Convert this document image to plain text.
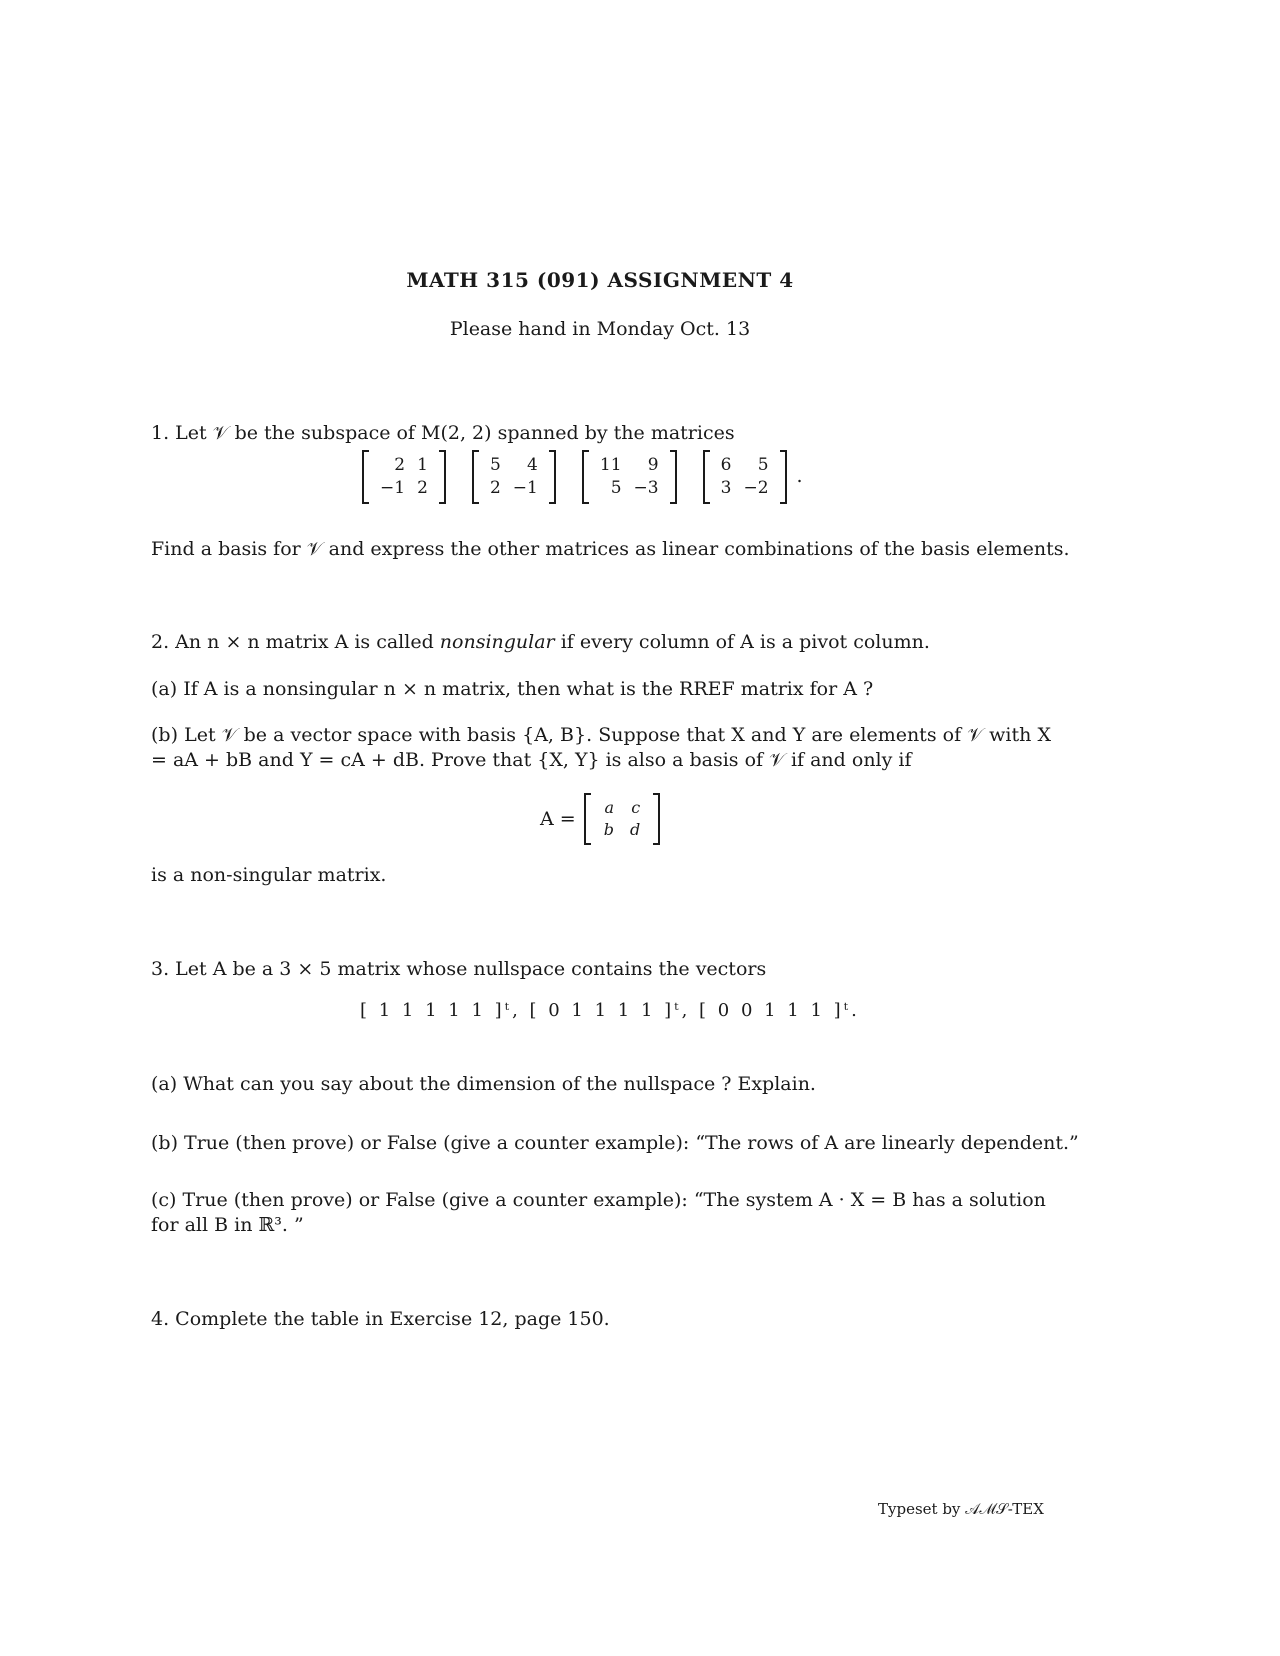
MATH 315 (091) ASSIGNMENT 4
Please hand in Monday Oct. 13
1. Let 𝒱 be the subspace of M(2, 2) spanned by the matrices
2	1
−1	2

5	4
2	−1

11	9
5	−3

6	5
3	−2
.
Find a basis for 𝒱 and express the other matrices as linear combinations of the basis elements.
2. An n × n matrix A is called nonsingular if every column of A is a pivot column.
(a) If A is a nonsingular n × n matrix, then what is the RREF matrix for A ?
(b) Let 𝒱 be a vector space with basis {A, B}. Suppose that X and Y are elements of 𝒱 with X = aA + bB and Y = cA + dB. Prove that {X, Y} is also a basis of 𝒱 if and only if
A =
a	c
b	d
is a non-singular matrix.
3. Let A be a 3 × 5 matrix whose nullspace contains the vectors
[ 1 1 1 1 1 ]ᵗ, [ 0 1 1 1 1 ]ᵗ, [ 0 0 1 1 1 ]ᵗ.
(a) What can you say about the dimension of the nullspace ? Explain.
(b) True (then prove) or False (give a counter example): “The rows of A are linearly dependent.”
(c) True (then prove) or False (give a counter example): “The system A · X = B has a solution for all B in ℝ³. ”
4. Complete the table in Exercise 12, page 150.
Typeset by 𝒜ℳ𝒮-TEX
